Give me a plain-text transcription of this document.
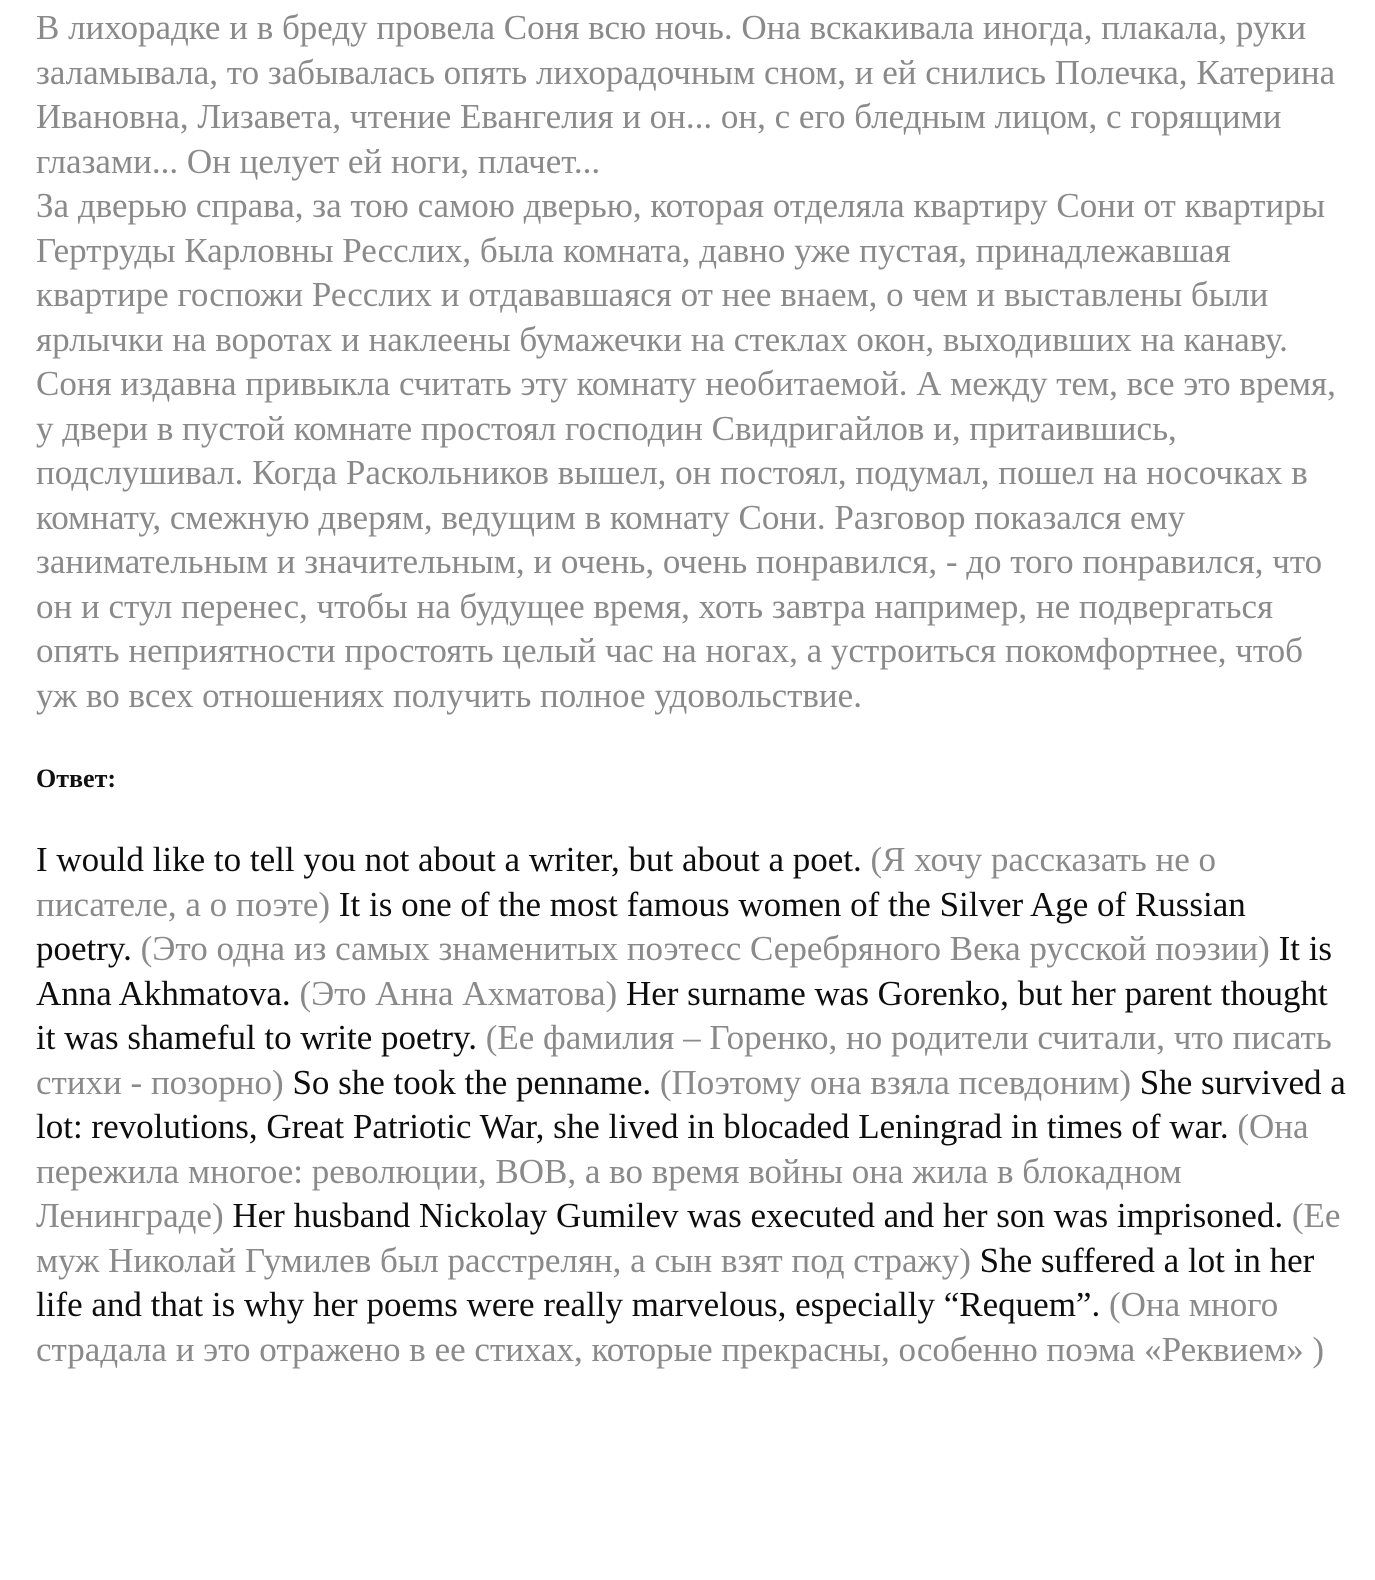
В лихорадке и в бреду провела Соня всю ночь. Она вскакивала иногда, плакала, руки заламывала, то забывалась опять лихорадочным сном, и ей снились Полечка, Катерина Ивановна, Лизавета, чтение Евангелия и он... он, с его бледным лицом, с горящими глазами... Он целует ей ноги, плачет...
За дверью справа, за тою самою дверью, которая отделяла квартиру Сони от квартиры Гертруды Карловны Ресслих, была комната, давно уже пустая, принадлежавшая квартире госпожи Ресслих и отдававшаяся от нее внаем, о чем и выставлены были ярлычки на воротах и наклеены бумажечки на стеклах окон, выходивших на канаву. Соня издавна привыкла считать эту комнату необитаемой. А между тем, все это время, у двери в пустой комнате простоял господин Свидригайлов и, притаившись, подслушивал. Когда Раскольников вышел, он постоял, подумал, пошел на носочках в комнату, смежную дверям, ведущим в комнату Сони. Разговор показался ему занимательным и значительным, и очень, очень понравился, - до того понравился, что он и стул перенес, чтобы на будущее время, хоть завтра например, не подвергаться опять неприятности простоять целый час на ногах, а устроиться покомфортнее, чтоб уж во всех отношениях получить полное удовольствие.

Ответ:

I would like to tell you not about a writer, but about a poet. (Я хочу рассказать не о писателе, а о поэте) It is one of the most famous women of the Silver Age of Russian poetry. (Это одна из самых знаменитых поэтесс Серебряного Века русской поэзии) It is Anna Akhmatova. (Это Анна Ахматова) Her surname was Gorenko, but her parent thought it was shameful to write poetry. (Ее фамилия – Горенко, но родители считали, что писать стихи - позорно) So she took the penname. (Поэтому она взяла псевдоним) She survived a lot: revolutions, Great Patriotic War, she lived in blocaded Leningrad in times of war. (Она пережила многое: революции, ВОВ, а во время войны она жила в блокадном Ленинграде) Her husband Nickolay Gumilev was executed and her son was imprisoned. (Ее муж Николай Гумилев был расстрелян, а сын взят под стражу) She suffered a lot in her life and that is why her poems were really marvelous, especially “Requem”. (Она много страдала и это отражено в ее стихах, которые прекрасны, особенно поэма «Реквием» )
